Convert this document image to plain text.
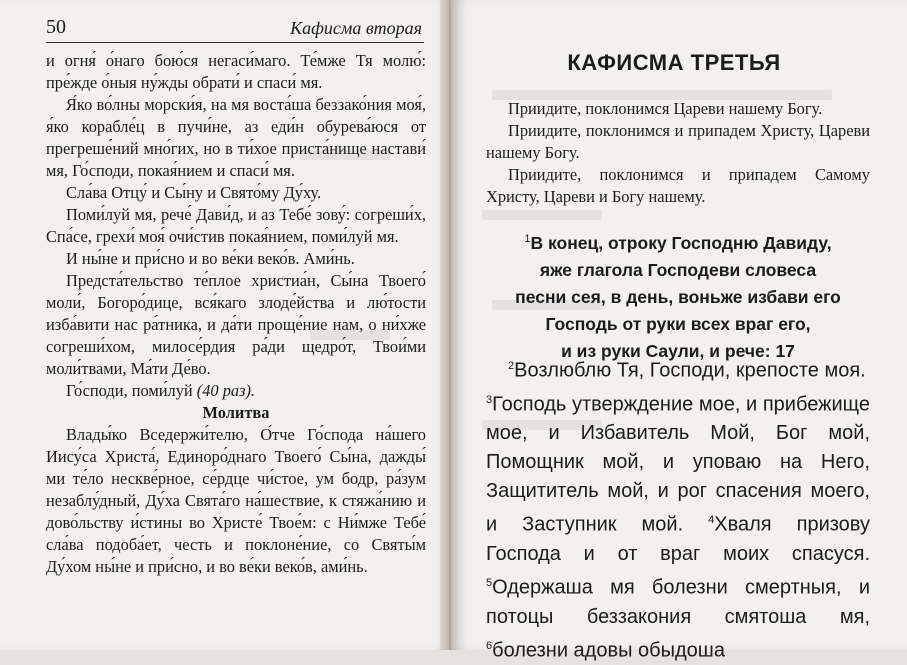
50	Кафисма вторая

и огня́ о́наго бою́ся негаси́маго. Те́мже Тя молю́: пре́жде о́ныя ну́жды обрати́ и спаси́ мя.

Я́ко во́лны морски́я, на мя воста́ша беззако́ния моя́, я́ко корабле́ц в пучи́не, аз еди́н обурева́юся от прегреше́ний мно́гих, но в ти́хое приста́нище настави́ мя, Го́споди, покая́нием и спаси́ мя.

Сла́ва Отцу́ и Сы́ну и Свято́му Ду́ху.

Поми́луй мя, рече́ Дави́д, и аз Тебе́ зову́: согреши́х, Спа́се, грехи́ моя́ очи́стив покая́нием, поми́луй мя.

И ны́не и при́сно и во ве́ки веко́в. Ами́нь.

Предста́тельство те́плое христиа́н, Сы́на Твоего́ моли́, Богоро́дице, вся́каго злоде́йства и лю́тости изба́вити нас ра́тника, и да́ти проще́ние нам, о ни́хже согреши́хом, милосе́рдия ра́ди щедро́т, Твои́ми моли́твами, Ма́ти Де́во.

Го́споди, поми́луй (40 раз).

Молитва

Влады́ко Вседержи́телю, О́тче Го́спода на́шего Иису́са Христа́, Единоро́днаго Твоего́ Сы́на, дажды́ ми те́ло нескве́рное, се́рдце чи́стое, ум бодр, ра́зум незаблу́дный, Ду́ха Свята́го на́шествие, к стяжа́нию и дово́льству и́стины во Христе́ Твое́м: с Ни́мже Тебе́ сла́ва подоба́ет, честь и поклоне́ние, со Святы́м Ду́хом ны́не и при́сно, и во ве́ки веко́в, ами́нь.

КАФИСМА ТРЕТЬЯ

Приидите, поклонимся Цареви нашему Богу.

Приидите, поклонимся и припадем Христу, Цареви нашему Богу.

Приидите, поклонимся и припадем Самому Христу, Цареви и Богу нашему.

$^1$В конец, отроку Господню Давиду,
яже глаголa Господеви словеса
песни сея, в день, воньже избави его
Господь от руки всех враг его,
и из руки Саули, и рече: 17

$^2$Возлюблю Тя, Господи, крепосте моя.

$^3$Господь утверждение мое, и прибежище мое, и Избавитель Мой, Бог мой, Помощник мой, и уповаю на Него, Защититель мой, и рог спасения моего, и Заступник мой. $^4$Хваля призову Господа и от враг моих спасуся. $^5$Одержаша мя болезни смертныя, и потоцы беззакония смятоша мя, $^6$болезни адовы обыдоша
